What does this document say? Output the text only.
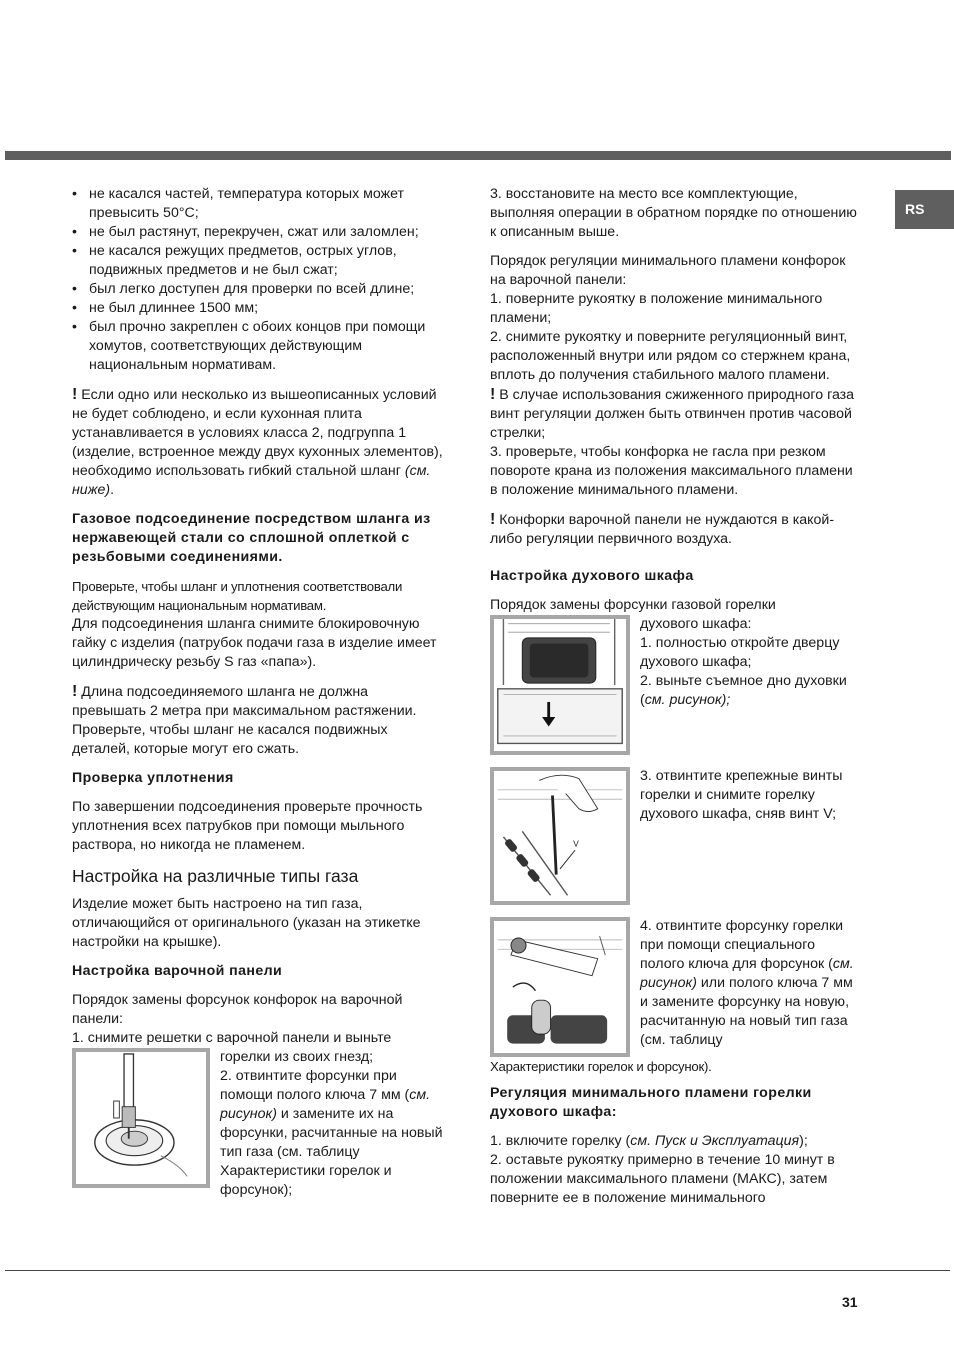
RS
• не касался частей, температура которых может превысить 50°С;
• не был растянут, перекручен, сжат или заломлен;
• не касался режущих предметов, острых углов, подвижных предметов и не был сжат;
• был легко доступен для проверки по всей длине;
• не был длиннее 1500 мм;
• был прочно закреплен с обоих концов при помощи хомутов, соответствующих действующим национальным нормативам.

! Если одно или несколько из вышеописанных условий не будет соблюдено, и если кухонная плита устанавливается в условиях класса 2, подгруппа 1 (изделие, встроенное между двух кухонных элементов), необходимо использовать гибкий стальной шланг (см. ниже).

Газовое подсоединение посредством шланга из нержавеющей стали со сплошной оплеткой с резьбовыми соединениями.

Проверьте, чтобы шланг и уплотнения соответствовали действующим национальным нормативам.

Для подсоединения шланга снимите блокировочную гайку с изделия (патрубок подачи газа в изделие имеет цилиндрическу резьбу S газ «папа»).

! Длина подсоединяемого шланга не должна превышать 2 метра при максимальном растяжении. Проверьте, чтобы шланг не касался подвижных деталей, которые могут его сжать.

Проверка уплотнения

По завершении подсоединения проверьте прочность уплотнения всех патрубков при помощи мыльного раствора, но никогда не пламенем.

Настройка на различные типы газа

Изделие может быть настроено на тип газа, отличающийся от оригинального (указан на этикетке настройки на крышке).

Настройка варочной панели

Порядок замены форсунок конфорок на варочной панели:

1. снимите решетки с варочной панели и выньте

горелки из своих гнезд;
2. отвинтите форсунки при помощи полого ключа 7 мм (см. рисунок) и замените их на форсунки, расчитанные на новый тип газа (см. таблицу Характеристики горелок и форсунок);

3. восстановите на место все комплектующие, выполняя операции в обратном порядке по отношению к описанным выше.

Порядок регуляции минимального пламени конфорок на варочной панели:

1. поверните рукоятку в положение минимального пламени;

2. снимите рукоятку и поверните регуляционный винт, расположенный внутри или рядом со стержнем крана, вплоть до получения стабильного малого пламени.

! В случае использования сжиженного природного газа винт регуляции должен быть отвинчен против часовой стрелки;

3. проверьте, чтобы конфорка не гасла при резком повороте крана из положения максимального пламени в положение минимального пламени.

! Конфорки варочной панели не нуждаются в какой-либо регуляции первичного воздуха.

Настройка духового шкафа

Порядок замены форсунки газовой горелки

духового шкафа:
1. полностью откройте дверцу духового шкафа;
2. выньте съемное дно духовки (см. рисунок);
V
3. отвинтите крепежные винты горелки и снимите горелку духового шкафа, сняв винт V;
4. отвинтите форсунку горелки при помощи специального полого ключа для форсунок (см. рисунок) или полого ключа 7 мм и замените форсунку на новую, расчитанную на новый тип газа (см. таблицу

Характеристики горелок и форсунок).

Регуляция минимального пламени горелки духового шкафа:

1. включите горелку (см. Пуск и Эксплуатация);

2. оставьте рукоятку примерно в течение 10 минут в положении максимального пламени (МАКС), затем поверните ее в положение минимального

31
